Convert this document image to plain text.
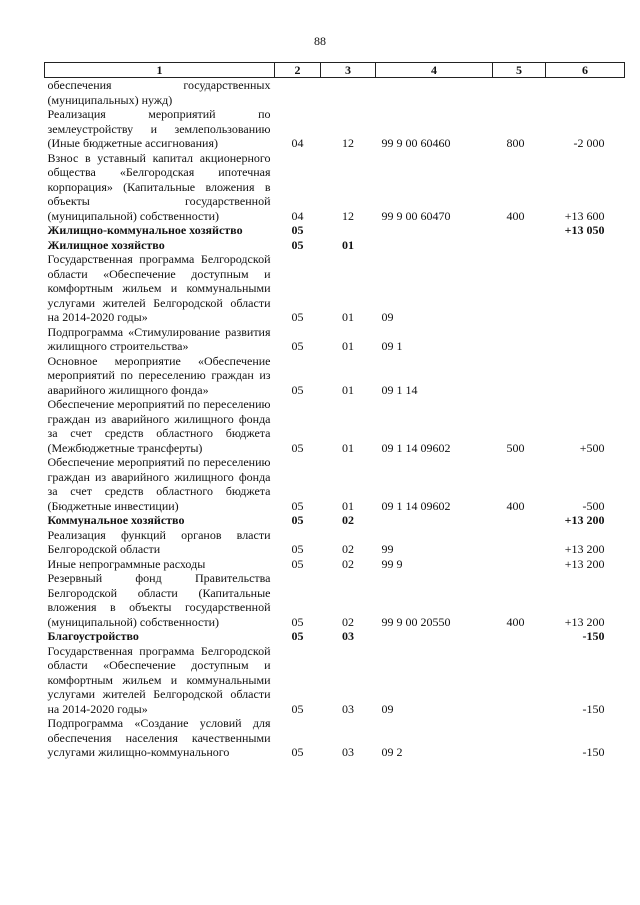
88
1	2	3	4	5	6
обеспечения государственных (муниципальных) нужд)					
Реализация мероприятий по землеустройству и землепользованию (Иные бюджетные ассигнования)	04	12	99 9 00 60460	800	-2 000
Взнос в уставный капитал акционерного общества «Белгородская ипотечная корпорация» (Капитальные вложения в объекты государственной (муниципальной) собственности)	04	12	99 9 00 60470	400	+13 600
Жилищно-коммунальное хозяйство	05				+13 050
Жилищное хозяйство	05	01			
Государственная программа Белгородской области «Обеспечение доступным и комфортным жильем и коммунальными услугами жителей Белгородской области на 2014-2020 годы»	05	01	09		
Подпрограмма «Стимулирование развития жилищного строительства»	05	01	09 1		
Основное мероприятие «Обеспечение мероприятий по переселению граждан из аварийного жилищного фонда»	05	01	09 1 14		
Обеспечение мероприятий по переселению граждан из аварийного жилищного фонда за счет средств областного бюджета (Межбюджетные трансферты)	05	01	09 1 14 09602	500	+500
Обеспечение мероприятий по переселению граждан из аварийного жилищного фонда за счет средств областного бюджета (Бюджетные инвестиции)	05	01	09 1 14 09602	400	-500
Коммунальное хозяйство	05	02			+13 200
Реализация функций органов власти Белгородской области	05	02	99		+13 200
Иные непрограммные расходы	05	02	99 9		+13 200
Резервный фонд Правительства Белгородской области (Капитальные вложения в объекты государственной (муниципальной) собственности)	05	02	99 9 00 20550	400	+13 200
Благоустройство	05	03			-150
Государственная программа Белгородской области «Обеспечение доступным и комфортным жильем и коммунальными услугами жителей Белгородской области на 2014-2020 годы»	05	03	09		-150
Подпрограмма «Создание условий для обеспечения населения качественными услугами жилищно-коммунального	05	03	09 2		-150
